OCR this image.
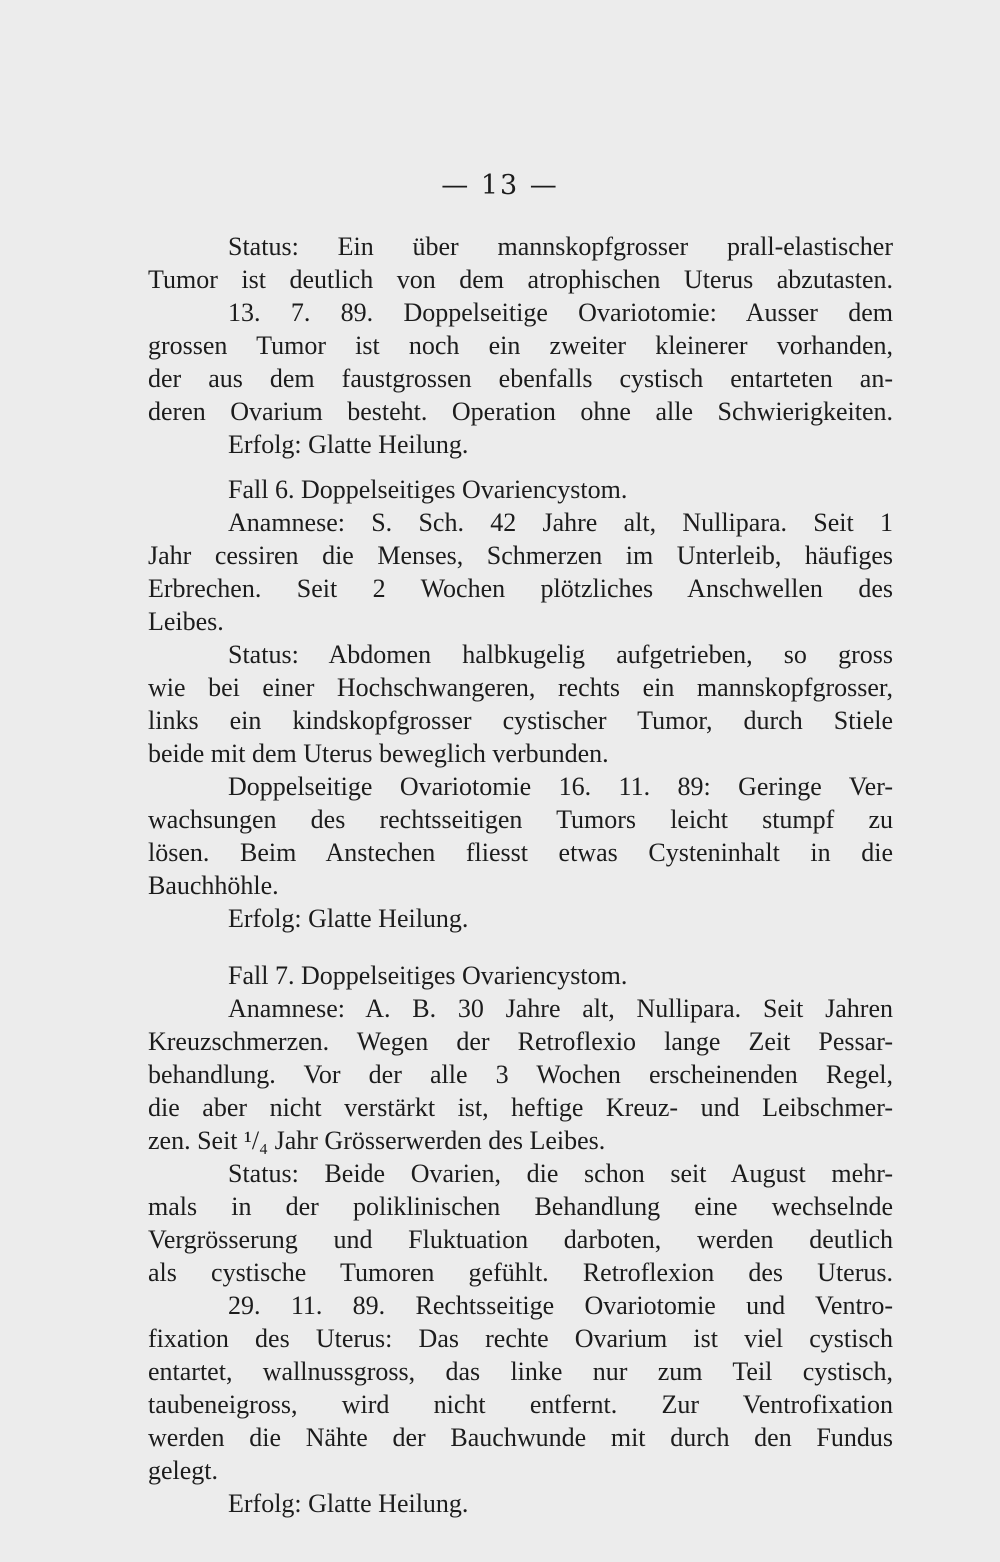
— 13 —
Status: Ein über mannskopfgrosser prall-elastischer
Tumor ist deutlich von dem atrophischen Uterus abzutasten.
13. 7. 89. Doppelseitige Ovariotomie: Ausser dem
grossen Tumor ist noch ein zweiter kleinerer vorhanden,
der aus dem faustgrossen ebenfalls cystisch entarteten an-
deren Ovarium besteht. Operation ohne alle Schwierigkeiten.
Erfolg: Glatte Heilung.
Fall 6. Doppelseitiges Ovariencystom.
Anamnese: S. Sch. 42 Jahre alt, Nullipara. Seit 1
Jahr cessiren die Menses, Schmerzen im Unterleib, häufiges
Erbrechen. Seit 2 Wochen plötzliches Anschwellen des
Leibes.
Status: Abdomen halbkugelig aufgetrieben, so gross
wie bei einer Hochschwangeren, rechts ein mannskopfgrosser,
links ein kindskopfgrosser cystischer Tumor, durch Stiele
beide mit dem Uterus beweglich verbunden.
Doppelseitige Ovariotomie 16. 11. 89: Geringe Ver-
wachsungen des rechtsseitigen Tumors leicht stumpf zu
lösen. Beim Anstechen fliesst etwas Cysteninhalt in die
Bauchhöhle.
Erfolg: Glatte Heilung.
Fall 7. Doppelseitiges Ovariencystom.
Anamnese: A. B. 30 Jahre alt, Nullipara. Seit Jahren
Kreuzschmerzen. Wegen der Retroflexio lange Zeit Pessar-
behandlung. Vor der alle 3 Wochen erscheinenden Regel,
die aber nicht verstärkt ist, heftige Kreuz- und Leibschmer-
zen. Seit ¹/₄ Jahr Grösserwerden des Leibes.
Status: Beide Ovarien, die schon seit August mehr-
mals in der poliklinischen Behandlung eine wechselnde
Vergrösserung und Fluktuation darboten, werden deutlich
als cystische Tumoren gefühlt. Retroflexion des Uterus.
29. 11. 89. Rechtsseitige Ovariotomie und Ventro-
fixation des Uterus: Das rechte Ovarium ist viel cystisch
entartet, wallnussgross, das linke nur zum Teil cystisch,
taubeneigross, wird nicht entfernt. Zur Ventrofixation
werden die Nähte der Bauchwunde mit durch den Fundus
gelegt.
Erfolg: Glatte Heilung.
